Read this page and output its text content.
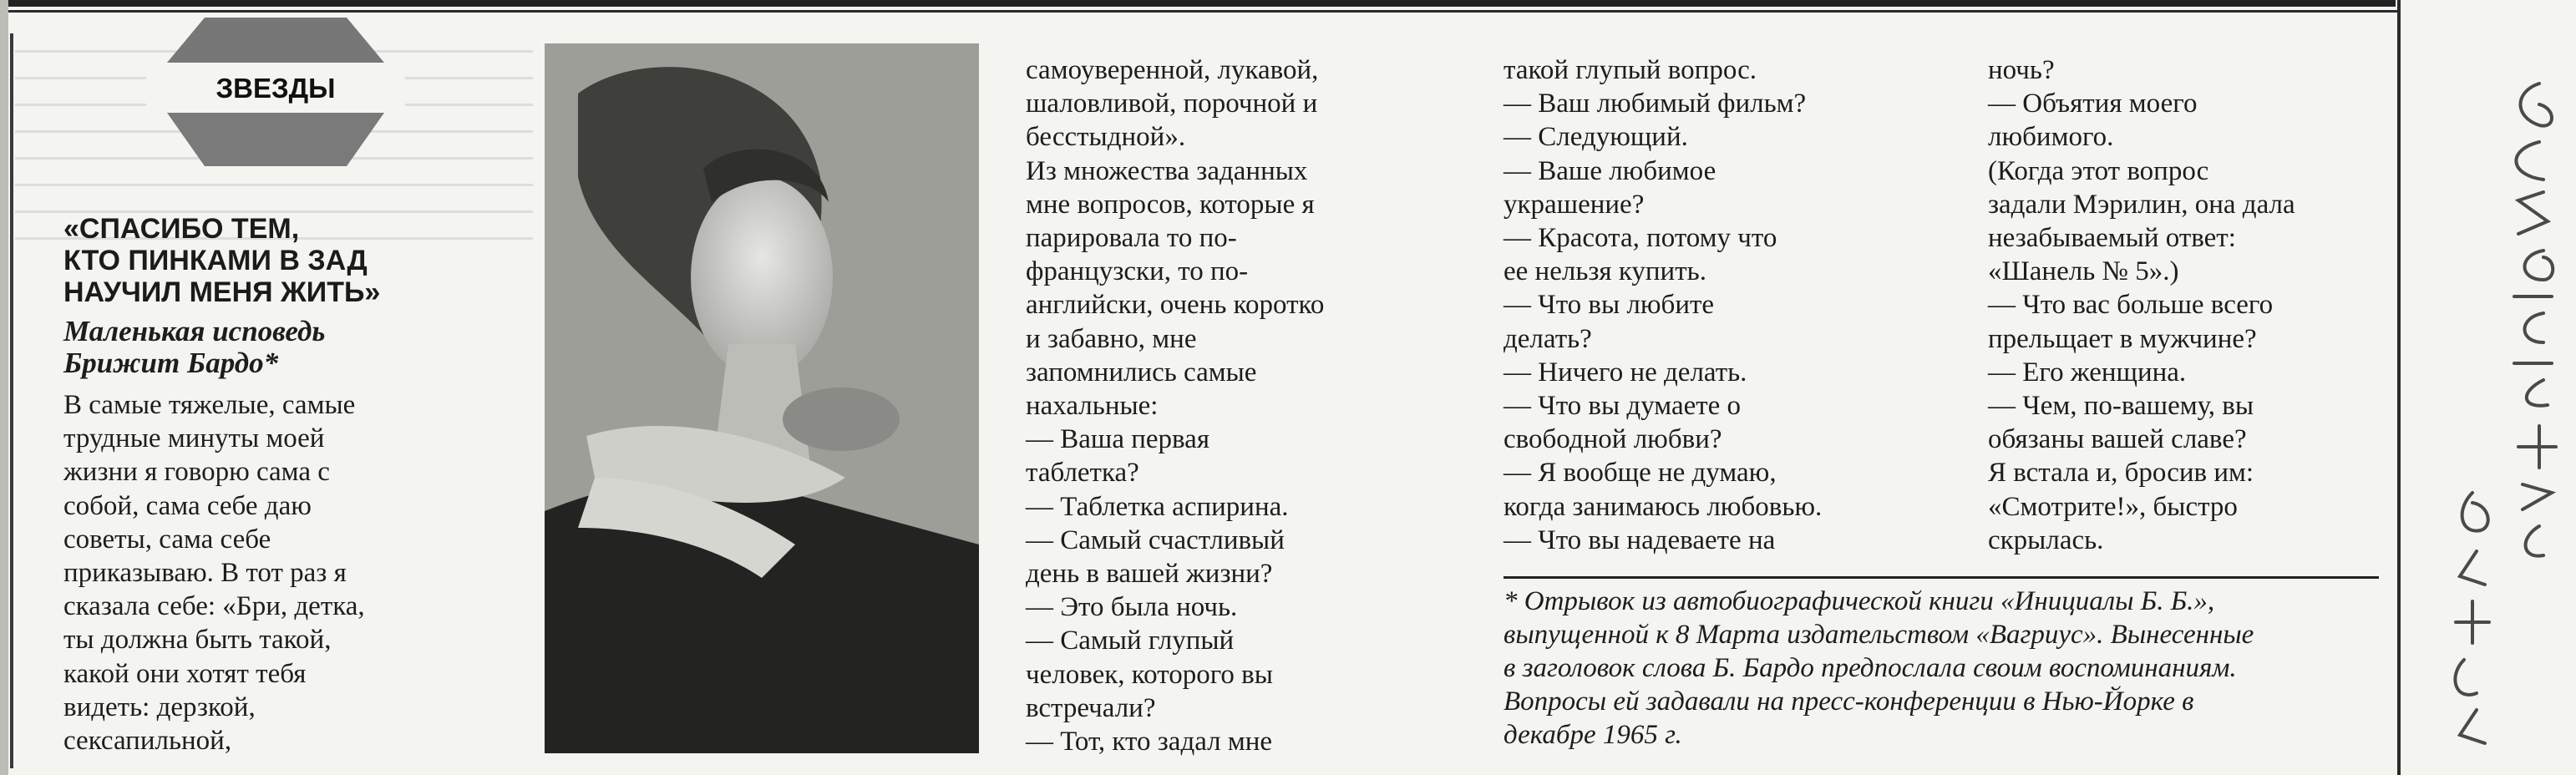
ЗВЕЗДЫ
«СПАСИБО ТЕМ,
КТО ПИНКАМИ В ЗАД
НАУЧИЛ МЕНЯ ЖИТЬ»

Маленькая исповедь
Брижит Бардо*

В самые тяжелые, самые
трудные минуты моей
жизни я говорю сама с
собой, сама себе даю
советы, сама себе
приказываю. В тот раз я
сказала себе: «Бри, детка,
ты должна быть такой,
какой они хотят тебя
видеть: дерзкой,
сексапильной,
самоуверенной, лукавой,
шаловливой, порочной и
бесстыдной».
Из множества заданных
мне вопросов, которые я
парировала то по-
французски, то по-
английски, очень коротко
и забавно, мне
запомнились самые
нахальные:
— Ваша первая
таблетка?
— Таблетка аспирина.
— Самый счастливый
день в вашей жизни?
— Это была ночь.
— Самый глупый
человек, которого вы
встречали?
— Тот, кто задал мне
такой глупый вопрос.
— Ваш любимый фильм?
— Следующий.
— Ваше любимое
украшение?
— Красота, потому что
ее нельзя купить.
— Что вы любите
делать?
— Ничего не делать.
— Что вы думаете о
свободной любви?
— Я вообще не думаю,
когда занимаюсь любовью.
— Что вы надеваете на
ночь?
— Объятия моего
любимого.
(Когда этот вопрос
задали Мэрилин, она дала
незабываемый ответ:
«Шанель № 5».)
— Что вас больше всего
прельщает в мужчине?
— Его женщина.
— Чем, по-вашему, вы
обязаны вашей славе?
Я встала и, бросив им:
«Смотрите!», быстро
скрылась.
* Отрывок из автобиографической книги «Инициалы Б. Б.»,
выпущенной к 8 Марта издательством «Вагриус». Вынесенные
в заголовок слова Б. Бардо предпослала своим воспоминаниям.
Вопросы ей задавали на пресс-конференции в Нью-Йорке в
декабре 1965 г.
